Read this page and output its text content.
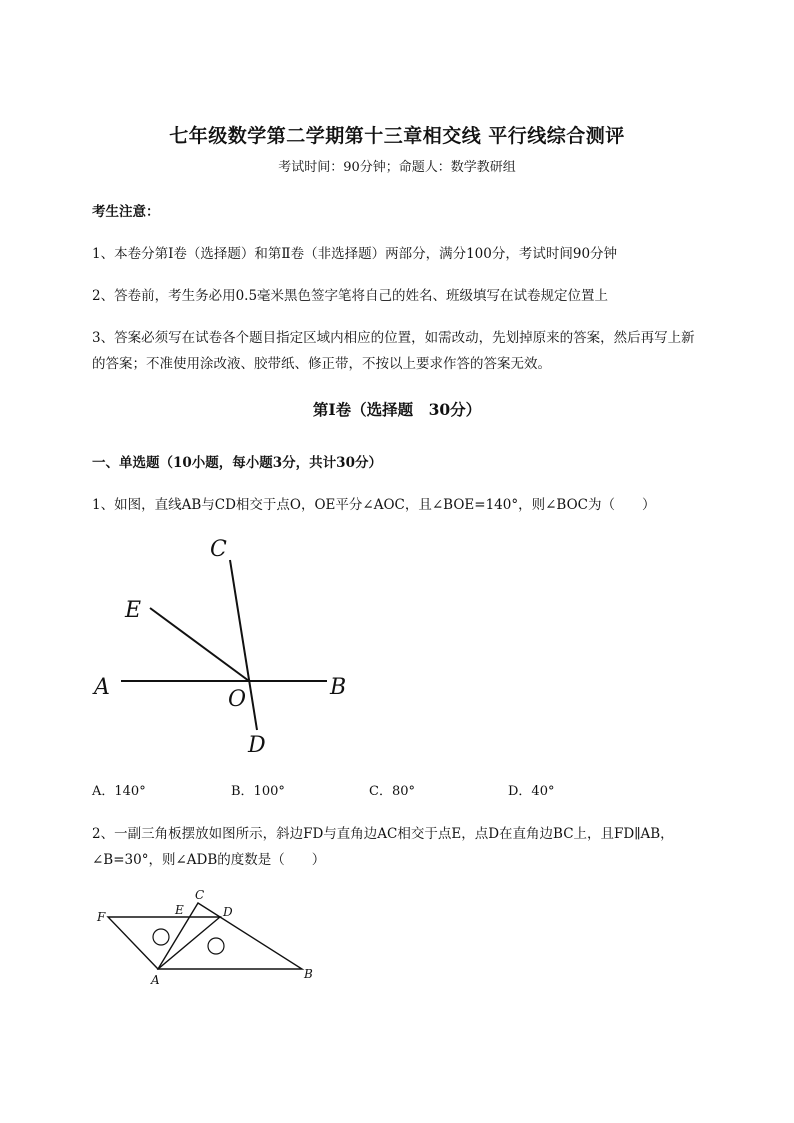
七年级数学第二学期第十三章相交线 平行线综合测评
考试时间：90分钟；命题人：数学教研组
考生注意：
1、本卷分第Ⅰ卷（选择题）和第Ⅱ卷（非选择题）两部分，满分100分，考试时间90分钟
2、答卷前，考生务必用0.5毫米黑色签字笔将自己的姓名、班级填写在试卷规定位置上
3、答案必须写在试卷各个题目指定区域内相应的位置，如需改动，先划掉原来的答案，然后再写上新
的答案；不准使用涂改液、胶带纸、修正带，不按以上要求作答的答案无效。
第Ⅰ卷（选择题　30分）
一、单选题（10小题，每小题3分，共计30分）
1、如图，直线AB与CD相交于点O，OE平分∠AOC，且∠BOE=140°，则∠BOC为（　　）
C
E
A	O	B
D
A．140°	B．100°	C．80°	D．40°
2、一副三角板摆放如图所示，斜边FD与直角边AC相交于点E，点D在直角边BC上，且FD∥AB，
∠B=30°，则∠ADB的度数是（　　）
C
F	E	D
A	B
